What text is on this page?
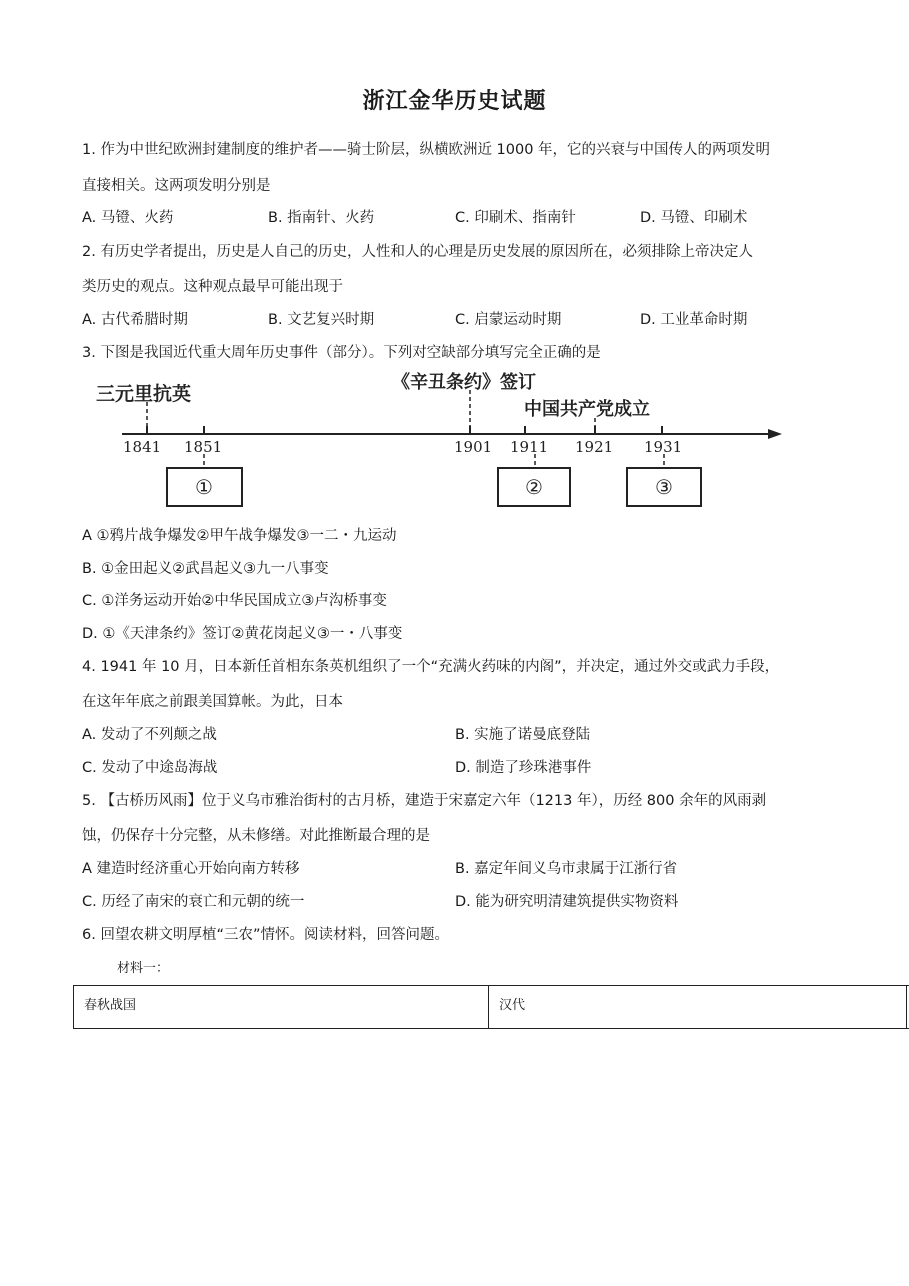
浙江金华历史试题
1. 作为中世纪欧洲封建制度的维护者——骑士阶层，纵横欧洲近 1000 年，它的兴衰与中国传人的两项发明
直接相关。这两项发明分别是
A. 马镫、火药	B. 指南针、火药	C. 印刷术、指南针	D. 马镫、印刷术
2. 有历史学者提出，历史是人自己的历史，人性和人的心理是历史发展的原因所在，必须排除上帝决定人
类历史的观点。这种观点最早可能出现于
A. 古代希腊时期	B. 文艺复兴时期	C. 启蒙运动时期	D. 工业革命时期
3. 下图是我国近代重大周年历史事件（部分）。下列对空缺部分填写完全正确的是
三元里抗英
《辛丑条约》签订
中国共产党成立
1841 1851	1901 1911 1921 1931
①	②	③
A ①鸦片战争爆发②甲午战争爆发③一二・九运动
B. ①金田起义②武昌起义③九一八事变
C. ①洋务运动开始②中华民国成立③卢沟桥事变
D. ①《天津条约》签订②黄花岗起义③一・八事变
4. 1941 年 10 月，日本新任首相东条英机组织了一个“充满火药味的内阁”，并决定，通过外交或武力手段，
在这年年底之前跟美国算帐。为此，日本
A. 发动了不列颠之战	B. 实施了诺曼底登陆
C. 发动了中途岛海战	D. 制造了珍珠港事件
5. 【古桥历风雨】位于义乌市雅治街村的古月桥，建造于宋嘉定六年（1213 年），历经 800 余年的风雨剥
蚀，仍保存十分完整，从未修缮。对此推断最合理的是
A 建造时经济重心开始向南方转移	B. 嘉定年间义乌市隶属于江浙行省
C. 历经了南宋的衰亡和元朝的统一	D. 能为研究明清建筑提供实物资料
6. 回望农耕文明厚植“三农”情怀。阅读材料，回答问题。
材料一：
春秋战国	汉代
